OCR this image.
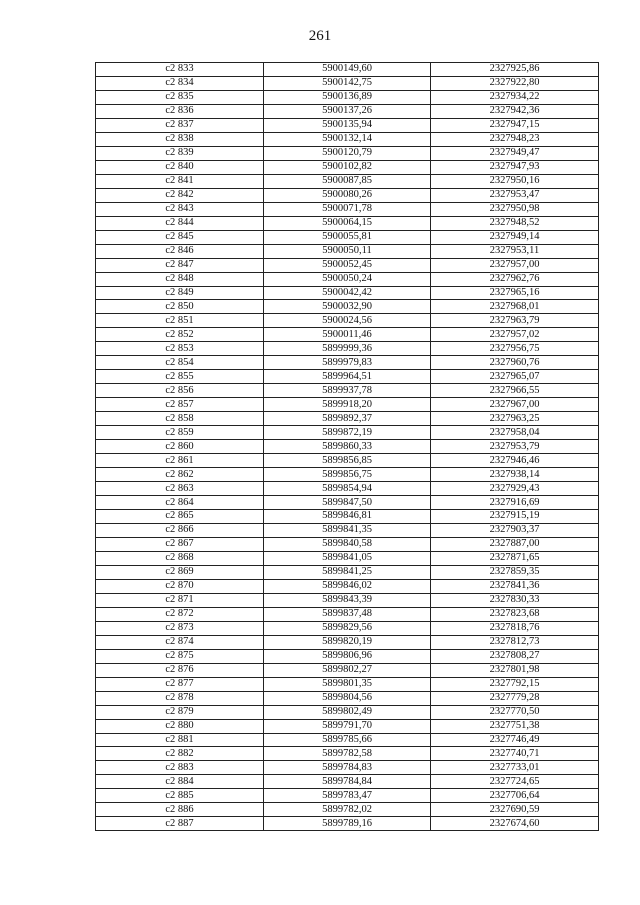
261
с2 833	5900149,60	2327925,86
с2 834	5900142,75	2327922,80
с2 835	5900136,89	2327934,22
с2 836	5900137,26	2327942,36
с2 837	5900135,94	2327947,15
с2 838	5900132,14	2327948,23
с2 839	5900120,79	2327949,47
с2 840	5900102,82	2327947,93
с2 841	5900087,85	2327950,16
с2 842	5900080,26	2327953,47
с2 843	5900071,78	2327950,98
с2 844	5900064,15	2327948,52
с2 845	5900055,81	2327949,14
с2 846	5900050,11	2327953,11
с2 847	5900052,45	2327957,00
с2 848	5900050,24	2327962,76
с2 849	5900042,42	2327965,16
с2 850	5900032,90	2327968,01
с2 851	5900024,56	2327963,79
с2 852	5900011,46	2327957,02
с2 853	5899999,36	2327956,75
с2 854	5899979,83	2327960,76
с2 855	5899964,51	2327965,07
с2 856	5899937,78	2327966,55
с2 857	5899918,20	2327967,00
с2 858	5899892,37	2327963,25
с2 859	5899872,19	2327958,04
с2 860	5899860,33	2327953,79
с2 861	5899856,85	2327946,46
с2 862	5899856,75	2327938,14
с2 863	5899854,94	2327929,43
с2 864	5899847,50	2327916,69
с2 865	5899846,81	2327915,19
с2 866	5899841,35	2327903,37
с2 867	5899840,58	2327887,00
с2 868	5899841,05	2327871,65
с2 869	5899841,25	2327859,35
с2 870	5899846,02	2327841,36
с2 871	5899843,39	2327830,33
с2 872	5899837,48	2327823,68
с2 873	5899829,56	2327818,76
с2 874	5899820,19	2327812,73
с2 875	5899806,96	2327808,27
с2 876	5899802,27	2327801,98
с2 877	5899801,35	2327792,15
с2 878	5899804,56	2327779,28
с2 879	5899802,49	2327770,50
с2 880	5899791,70	2327751,38
с2 881	5899785,66	2327746,49
с2 882	5899782,58	2327740,71
с2 883	5899784,83	2327733,01
с2 884	5899784,84	2327724,65
с2 885	5899783,47	2327706,64
с2 886	5899782,02	2327690,59
с2 887	5899789,16	2327674,60
